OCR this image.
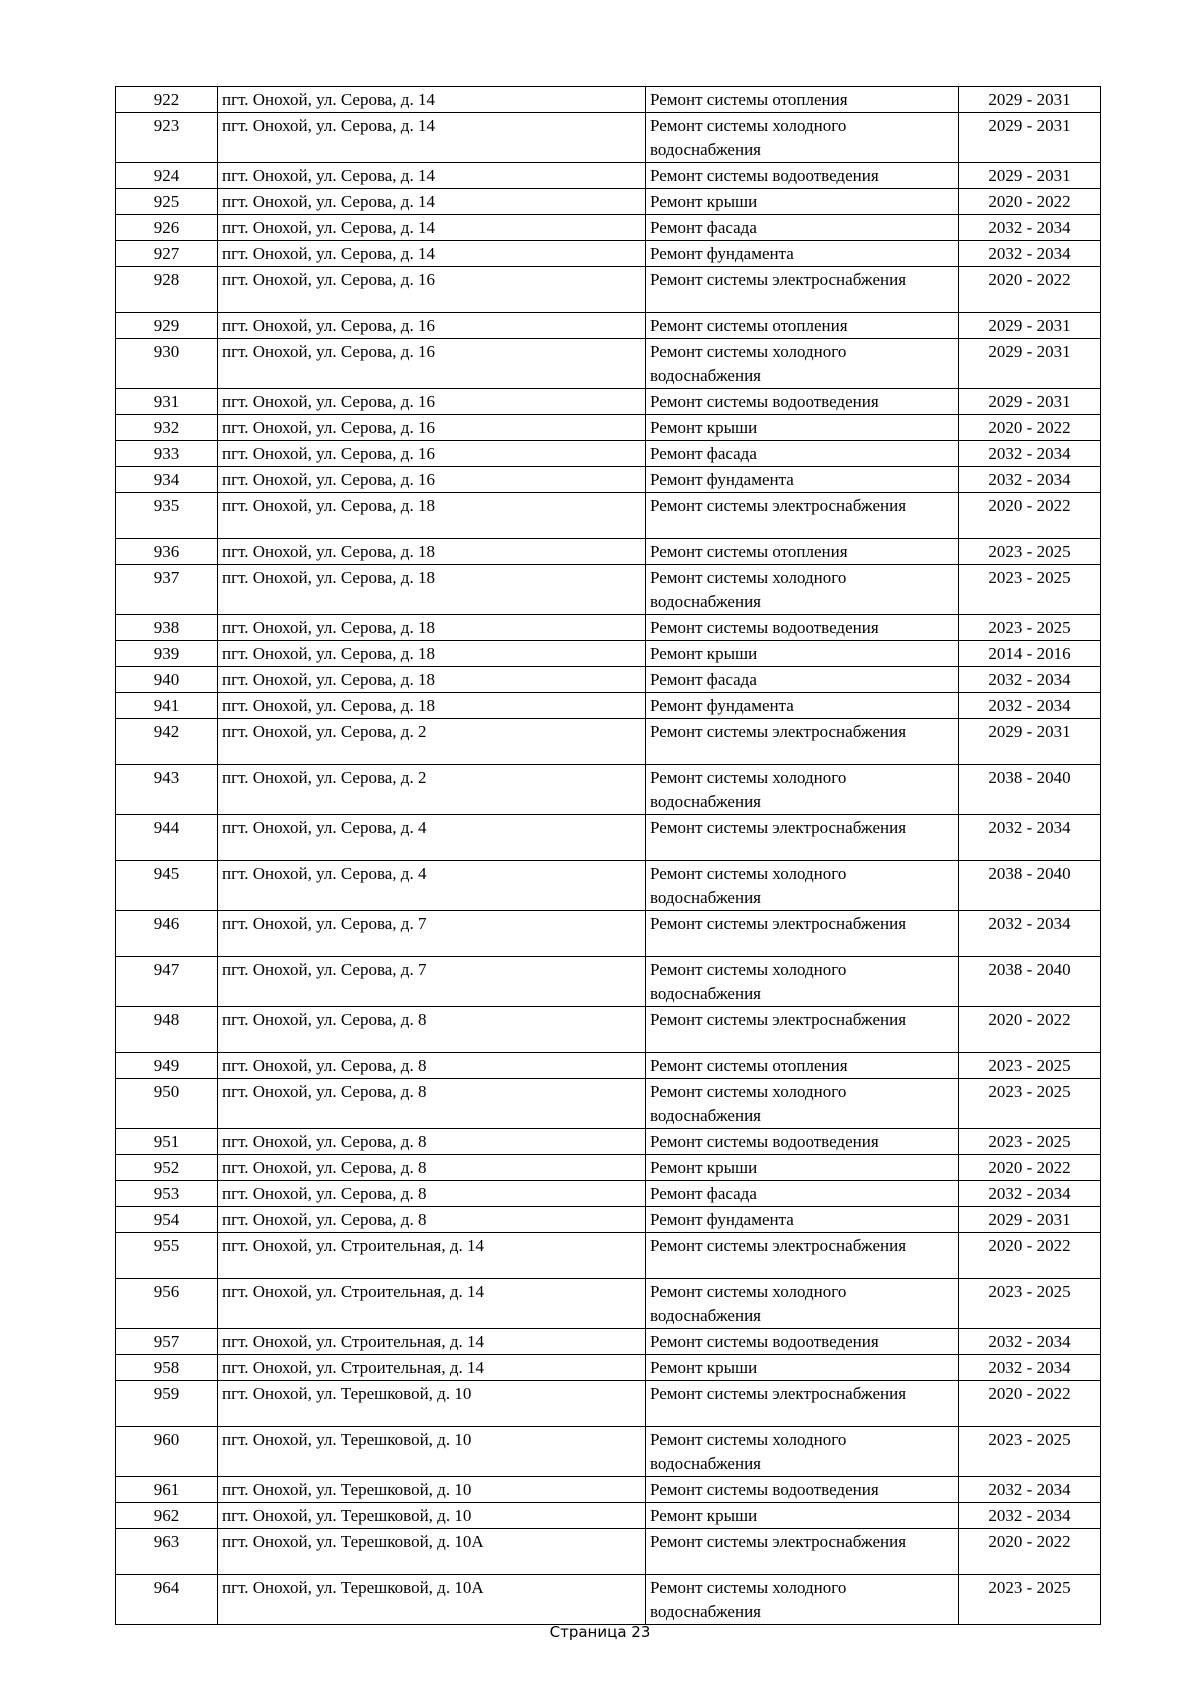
922	пгт. Онохой, ул. Серова, д. 14	Ремонт системы отопления	2029 - 2031
923	пгт. Онохой, ул. Серова, д. 14	Ремонт системы холодного водоснабжения	2029 - 2031
924	пгт. Онохой, ул. Серова, д. 14	Ремонт системы водоотведения	2029 - 2031
925	пгт. Онохой, ул. Серова, д. 14	Ремонт крыши	2020 - 2022
926	пгт. Онохой, ул. Серова, д. 14	Ремонт фасада	2032 - 2034
927	пгт. Онохой, ул. Серова, д. 14	Ремонт фундамента	2032 - 2034
928	пгт. Онохой, ул. Серова, д. 16	Ремонт системы электроснабжения	2020 - 2022
929	пгт. Онохой, ул. Серова, д. 16	Ремонт системы отопления	2029 - 2031
930	пгт. Онохой, ул. Серова, д. 16	Ремонт системы холодного водоснабжения	2029 - 2031
931	пгт. Онохой, ул. Серова, д. 16	Ремонт системы водоотведения	2029 - 2031
932	пгт. Онохой, ул. Серова, д. 16	Ремонт крыши	2020 - 2022
933	пгт. Онохой, ул. Серова, д. 16	Ремонт фасада	2032 - 2034
934	пгт. Онохой, ул. Серова, д. 16	Ремонт фундамента	2032 - 2034
935	пгт. Онохой, ул. Серова, д. 18	Ремонт системы электроснабжения	2020 - 2022
936	пгт. Онохой, ул. Серова, д. 18	Ремонт системы отопления	2023 - 2025
937	пгт. Онохой, ул. Серова, д. 18	Ремонт системы холодного водоснабжения	2023 - 2025
938	пгт. Онохой, ул. Серова, д. 18	Ремонт системы водоотведения	2023 - 2025
939	пгт. Онохой, ул. Серова, д. 18	Ремонт крыши	2014 - 2016
940	пгт. Онохой, ул. Серова, д. 18	Ремонт фасада	2032 - 2034
941	пгт. Онохой, ул. Серова, д. 18	Ремонт фундамента	2032 - 2034
942	пгт. Онохой, ул. Серова, д. 2	Ремонт системы электроснабжения	2029 - 2031
943	пгт. Онохой, ул. Серова, д. 2	Ремонт системы холодного водоснабжения	2038 - 2040
944	пгт. Онохой, ул. Серова, д. 4	Ремонт системы электроснабжения	2032 - 2034
945	пгт. Онохой, ул. Серова, д. 4	Ремонт системы холодного водоснабжения	2038 - 2040
946	пгт. Онохой, ул. Серова, д. 7	Ремонт системы электроснабжения	2032 - 2034
947	пгт. Онохой, ул. Серова, д. 7	Ремонт системы холодного водоснабжения	2038 - 2040
948	пгт. Онохой, ул. Серова, д. 8	Ремонт системы электроснабжения	2020 - 2022
949	пгт. Онохой, ул. Серова, д. 8	Ремонт системы отопления	2023 - 2025
950	пгт. Онохой, ул. Серова, д. 8	Ремонт системы холодного водоснабжения	2023 - 2025
951	пгт. Онохой, ул. Серова, д. 8	Ремонт системы водоотведения	2023 - 2025
952	пгт. Онохой, ул. Серова, д. 8	Ремонт крыши	2020 - 2022
953	пгт. Онохой, ул. Серова, д. 8	Ремонт фасада	2032 - 2034
954	пгт. Онохой, ул. Серова, д. 8	Ремонт фундамента	2029 - 2031
955	пгт. Онохой, ул. Строительная, д. 14	Ремонт системы электроснабжения	2020 - 2022
956	пгт. Онохой, ул. Строительная, д. 14	Ремонт системы холодного водоснабжения	2023 - 2025
957	пгт. Онохой, ул. Строительная, д. 14	Ремонт системы водоотведения	2032 - 2034
958	пгт. Онохой, ул. Строительная, д. 14	Ремонт крыши	2032 - 2034
959	пгт. Онохой, ул. Терешковой, д. 10	Ремонт системы электроснабжения	2020 - 2022
960	пгт. Онохой, ул. Терешковой, д. 10	Ремонт системы холодного водоснабжения	2023 - 2025
961	пгт. Онохой, ул. Терешковой, д. 10	Ремонт системы водоотведения	2032 - 2034
962	пгт. Онохой, ул. Терешковой, д. 10	Ремонт крыши	2032 - 2034
963	пгт. Онохой, ул. Терешковой, д. 10А	Ремонт системы электроснабжения	2020 - 2022
964	пгт. Онохой, ул. Терешковой, д. 10А	Ремонт системы холодного водоснабжения	2023 - 2025
Страница 23
